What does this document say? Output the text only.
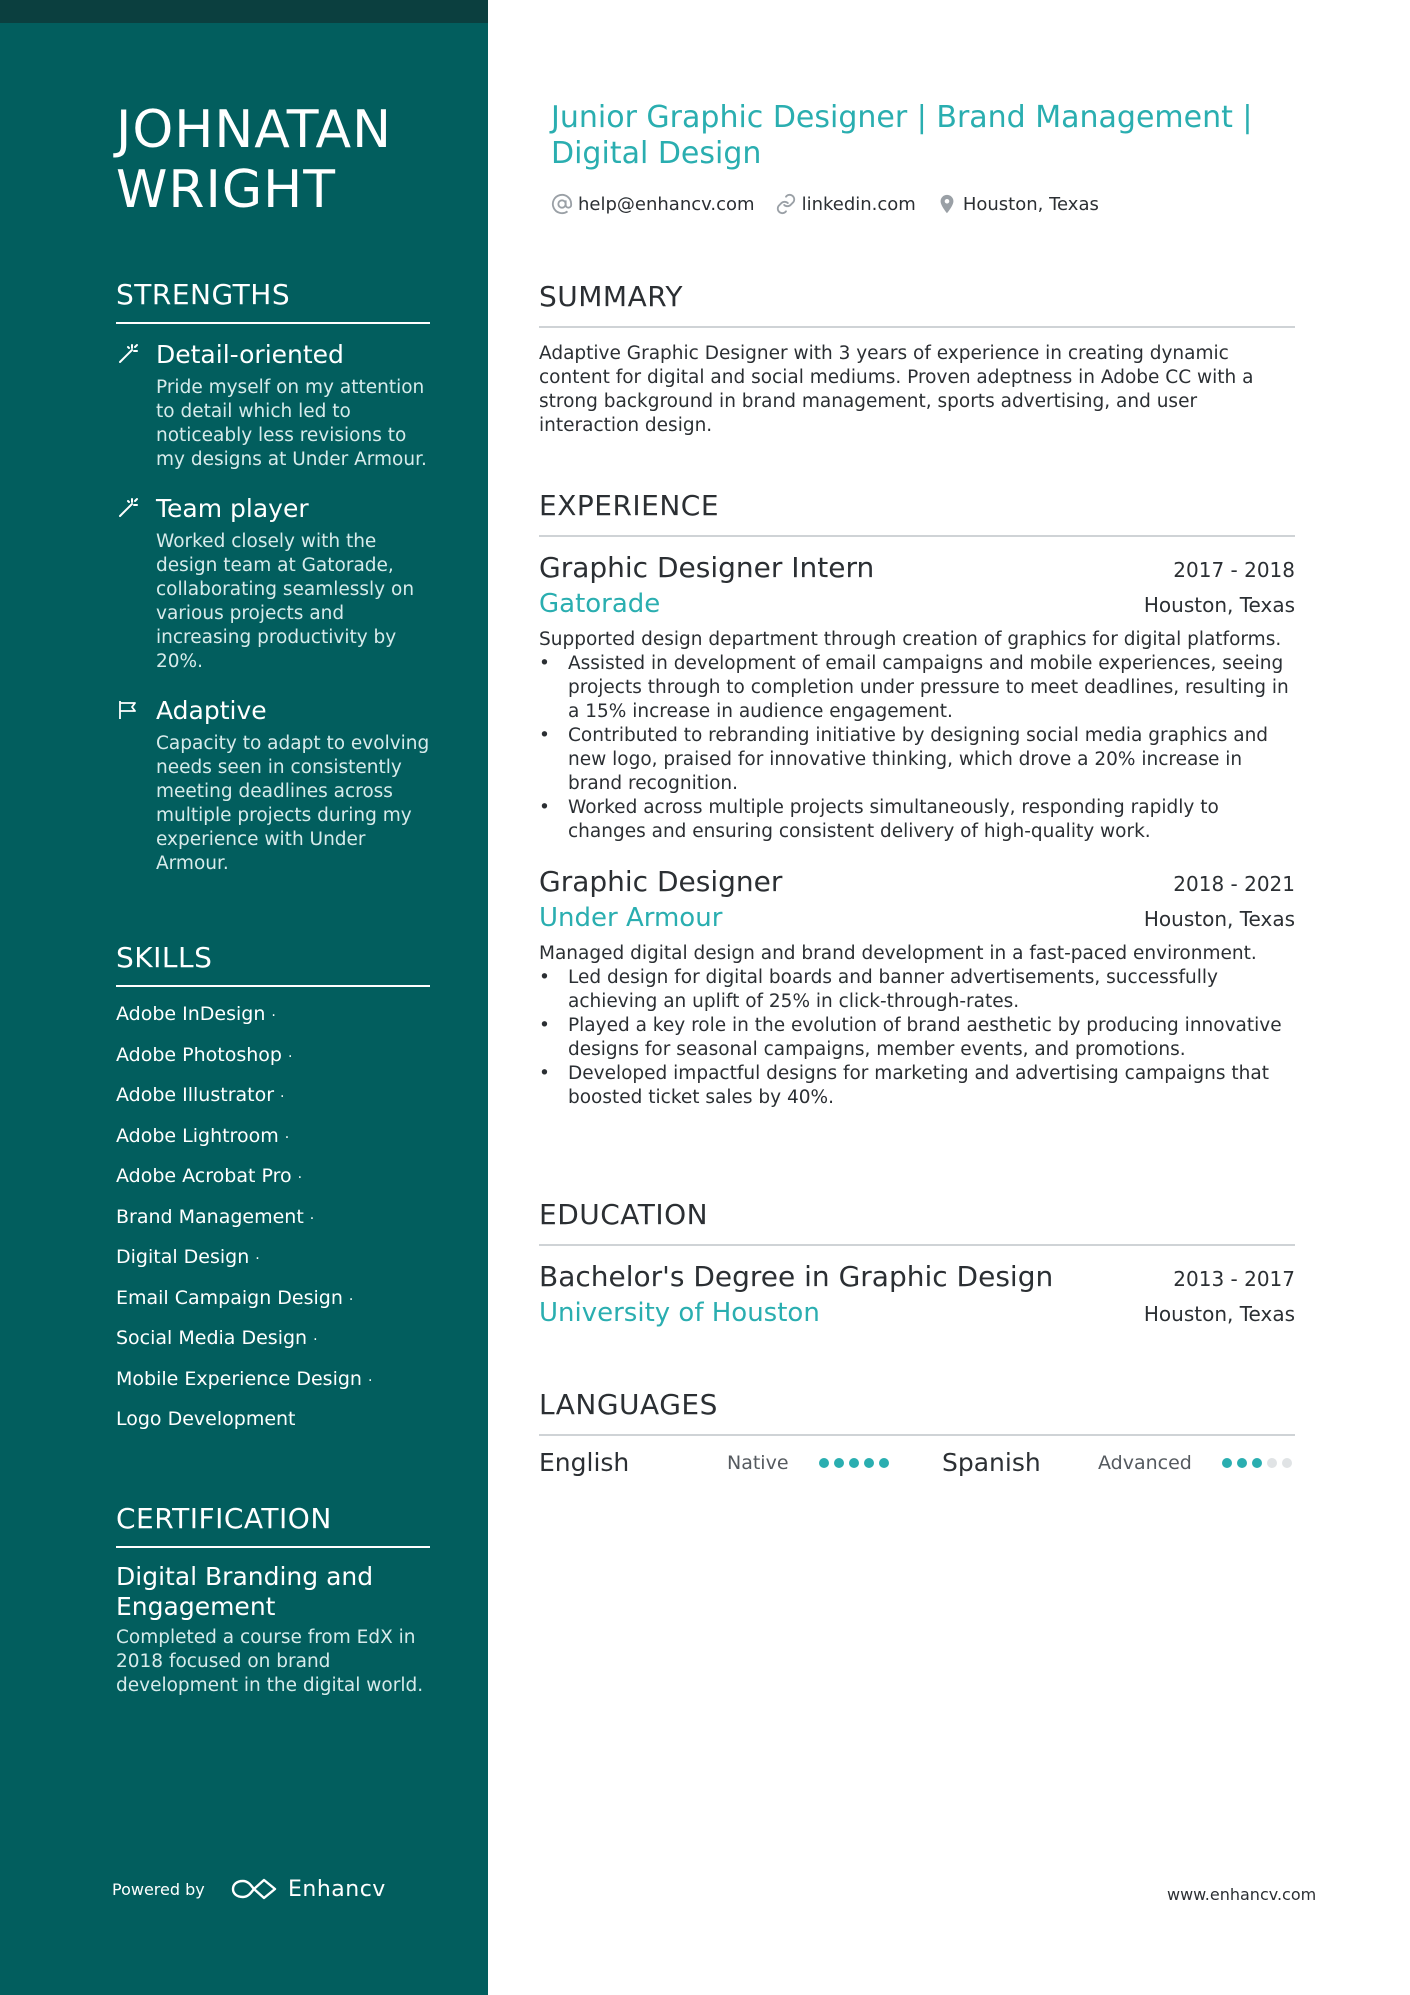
JOHNATAN
WRIGHT
STRENGTHS
Detail-oriented
Pride myself on my attention to detail which led to noticeably less revisions to my designs at Under Armour.
Team player
Worked closely with the design team at Gatorade, collaborating seamlessly on various projects and increasing productivity by 20%.
Adaptive
Capacity to adapt to evolving needs seen in consistently meeting deadlines across multiple projects during my experience with Under Armour.
SKILLS
Adobe InDesign ·
Adobe Photoshop ·
Adobe Illustrator ·
Adobe Lightroom ·
Adobe Acrobat Pro ·
Brand Management ·
Digital Design ·
Email Campaign Design ·
Social Media Design ·
Mobile Experience Design ·
Logo Development
CERTIFICATION
Digital Branding and Engagement
Completed a course from EdX in 2018 focused on brand development in the digital world.
Powered by	Enhancv
Junior Graphic Designer | Brand Management | Digital Design
help@enhancv.com	linkedin.com	Houston, Texas
SUMMARY

Adaptive Graphic Designer with 3 years of experience in creating dynamic content for digital and social mediums. Proven adeptness in Adobe CC with a strong background in brand management, sports advertising, and user interaction design.

EXPERIENCE
Graphic Designer Intern	2017 - 2018
Gatorade	Houston, Texas

Supported design department through creation of graphics for digital platforms.

• Assisted in development of email campaigns and mobile experiences, seeing projects through to completion under pressure to meet deadlines, resulting in a 15% increase in audience engagement.
• Contributed to rebranding initiative by designing social media graphics and new logo, praised for innovative thinking, which drove a 20% increase in brand recognition.
• Worked across multiple projects simultaneously, responding rapidly to changes and ensuring consistent delivery of high-quality work.
Graphic Designer	2018 - 2021
Under Armour	Houston, Texas

Managed digital design and brand development in a fast-paced environment.

• Led design for digital boards and banner advertisements, successfully achieving an uplift of 25% in click-through-rates.
• Played a key role in the evolution of brand aesthetic by producing innovative designs for seasonal campaigns, member events, and promotions.
• Developed impactful designs for marketing and advertising campaigns that boosted ticket sales by 40%.
EDUCATION
Bachelor's Degree in Graphic Design	2013 - 2017
University of Houston	Houston, Texas
LANGUAGES
English	Native	Spanish	Advanced
www.enhancv.com
